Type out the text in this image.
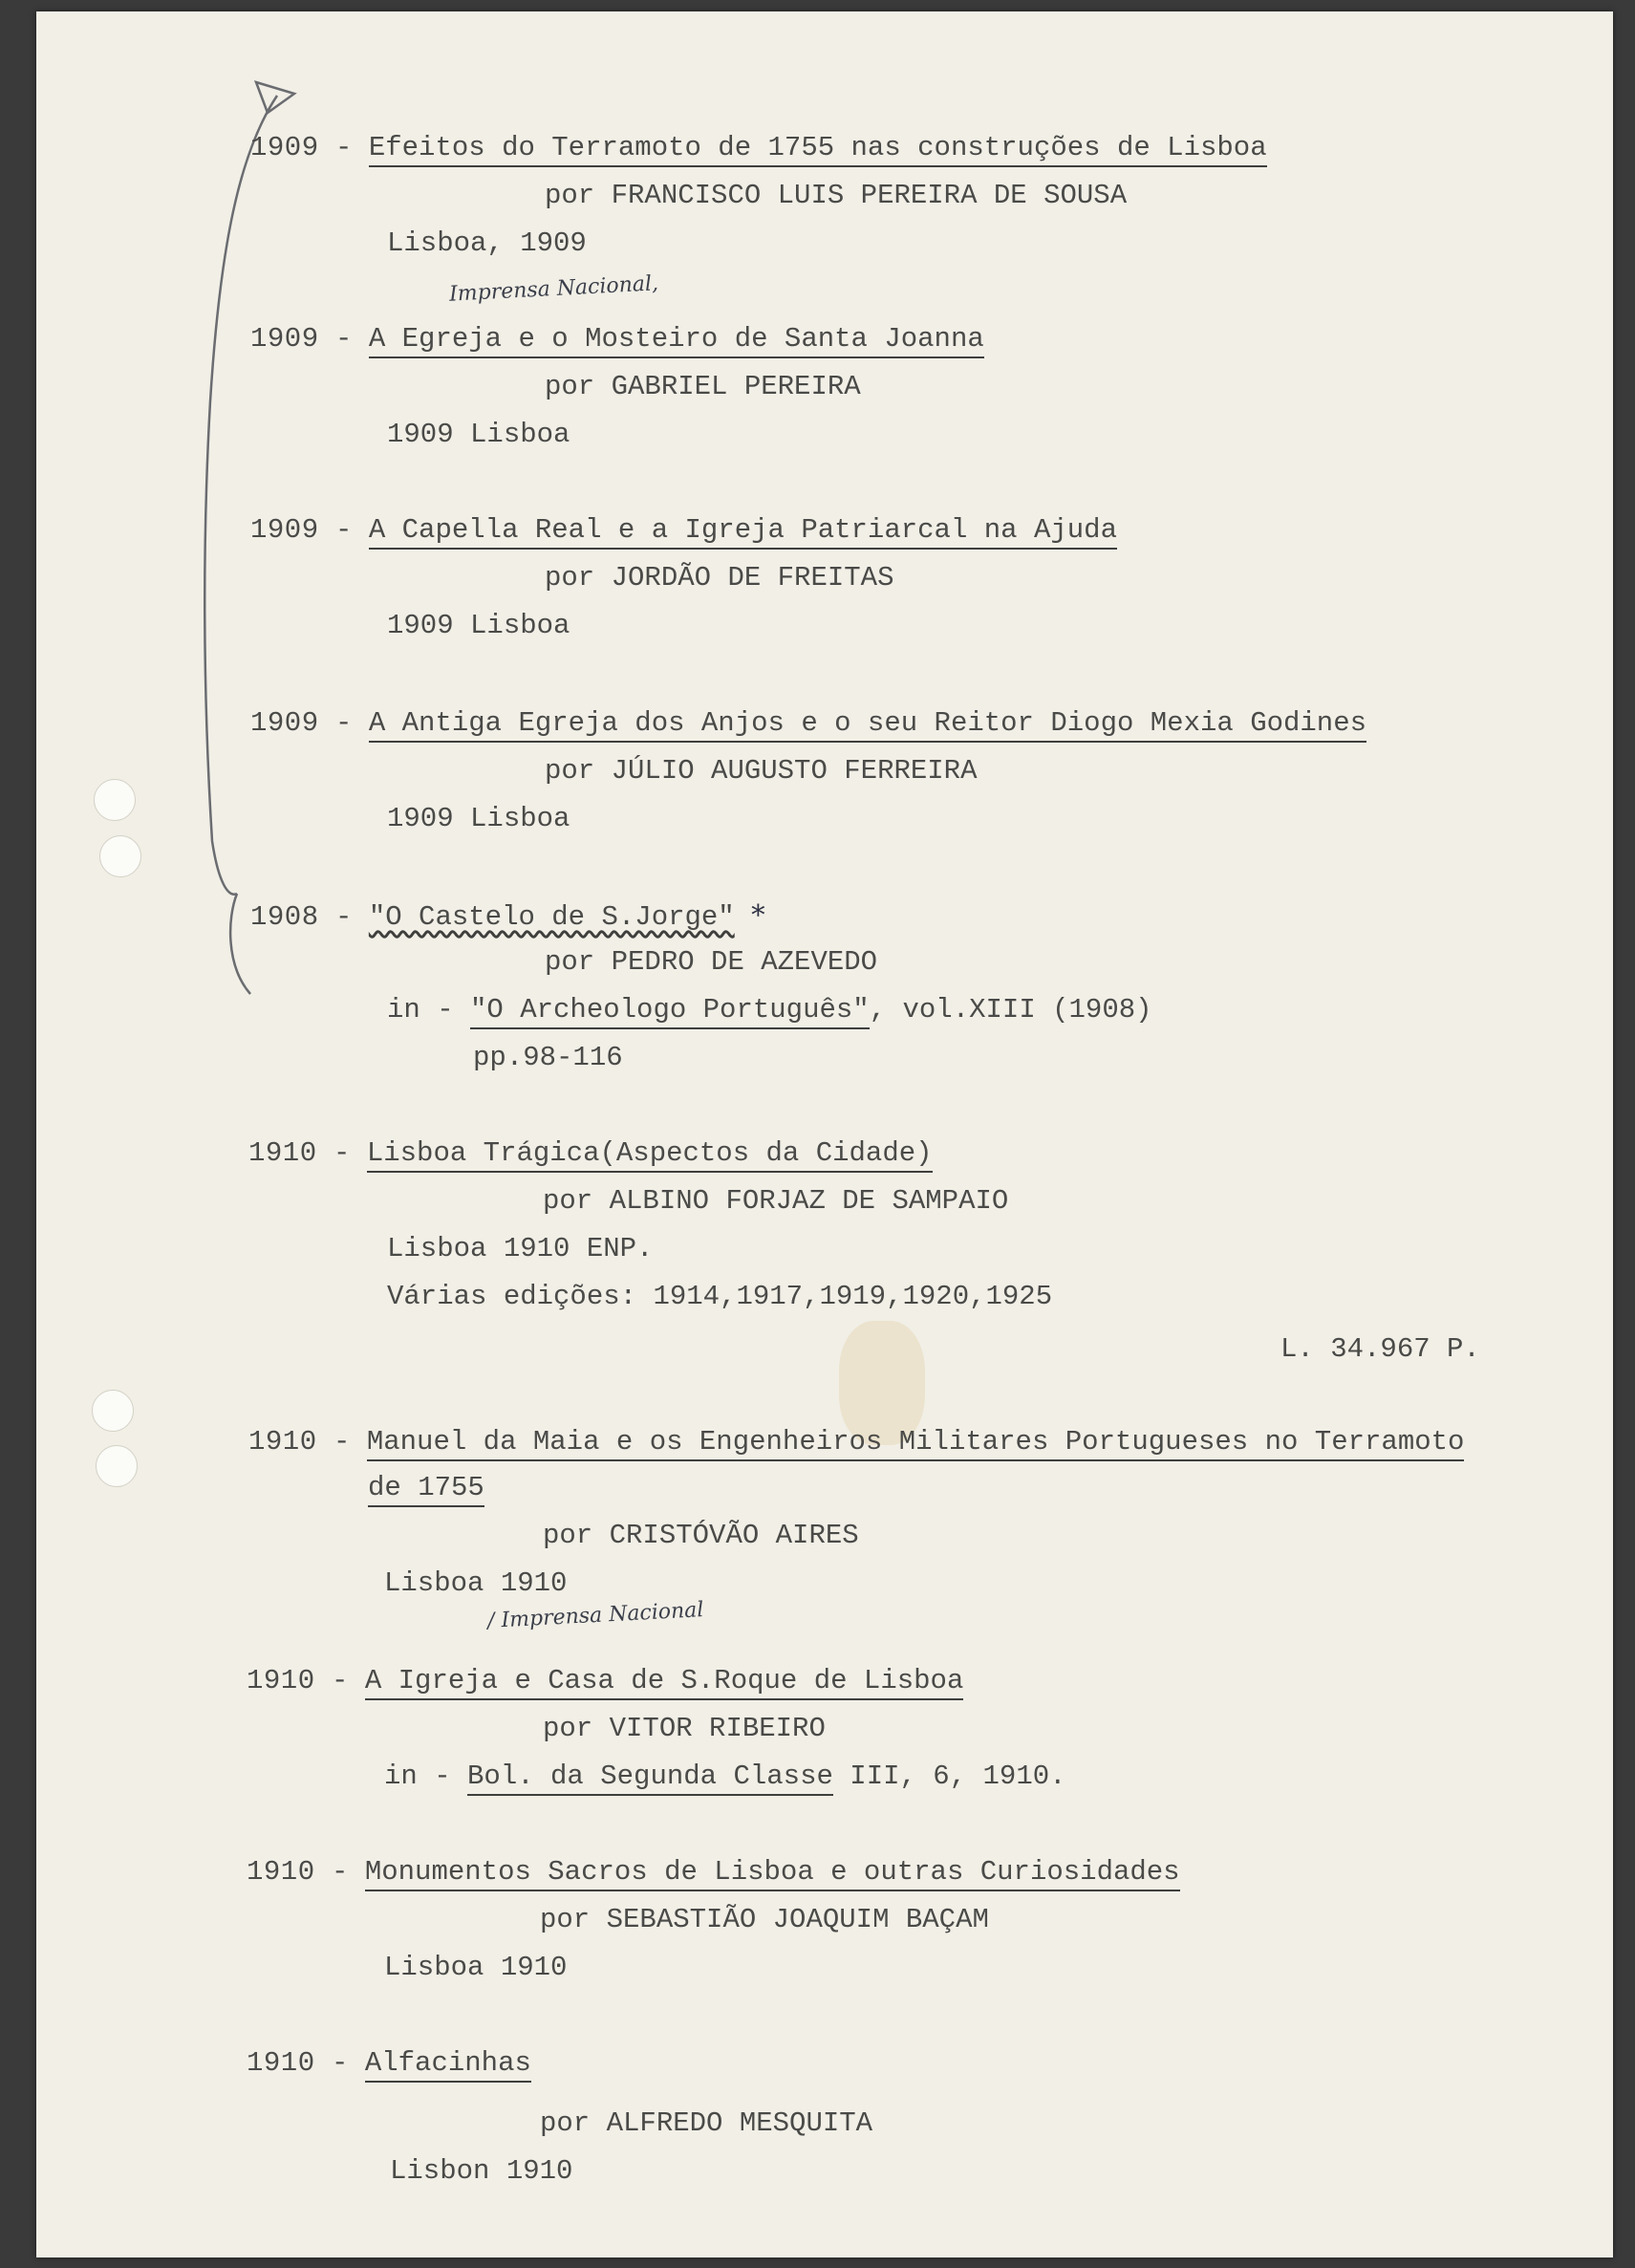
1909 - Efeitos do Terramoto de 1755 nas construções de Lisboa
por FRANCISCO LUIS PEREIRA DE SOUSA
Lisboa, 1909
Imprensa Nacional,
1909 - A Egreja e o Mosteiro de Santa Joanna
por GABRIEL PEREIRA
1909 Lisboa
1909 - A Capella Real e a Igreja Patriarcal na Ajuda
por JORDÃO DE FREITAS
1909 Lisboa
1909 - A Antiga Egreja dos Anjos e o seu Reitor Diogo Mexia Godines
por JÚLIO AUGUSTO FERREIRA
1909 Lisboa
1908 - "O Castelo de S.Jorge" *
por PEDRO DE AZEVEDO
in - "O Archeologo Português", vol.XIII (1908)
pp.98-116
1910 - Lisboa Trágica(Aspectos da Cidade)
por ALBINO FORJAZ DE SAMPAIO
Lisboa 1910 ENP.
Várias edições: 1914,1917,1919,1920,1925
L. 34.967 P.
1910 - Manuel da Maia e os Engenheiros Militares Portugueses no Terramoto
de 1755
por CRISTÓVÃO AIRES
Lisboa 1910
/ Imprensa Nacional
1910 - A Igreja e Casa de S.Roque de Lisboa
por VITOR RIBEIRO
in - Bol. da Segunda Classe III, 6, 1910.
1910 - Monumentos Sacros de Lisboa e outras Curiosidades
por SEBASTIÃO JOAQUIM BAÇAM
Lisboa 1910
1910 - Alfacinhas
por ALFREDO MESQUITA
Lisbon 1910
